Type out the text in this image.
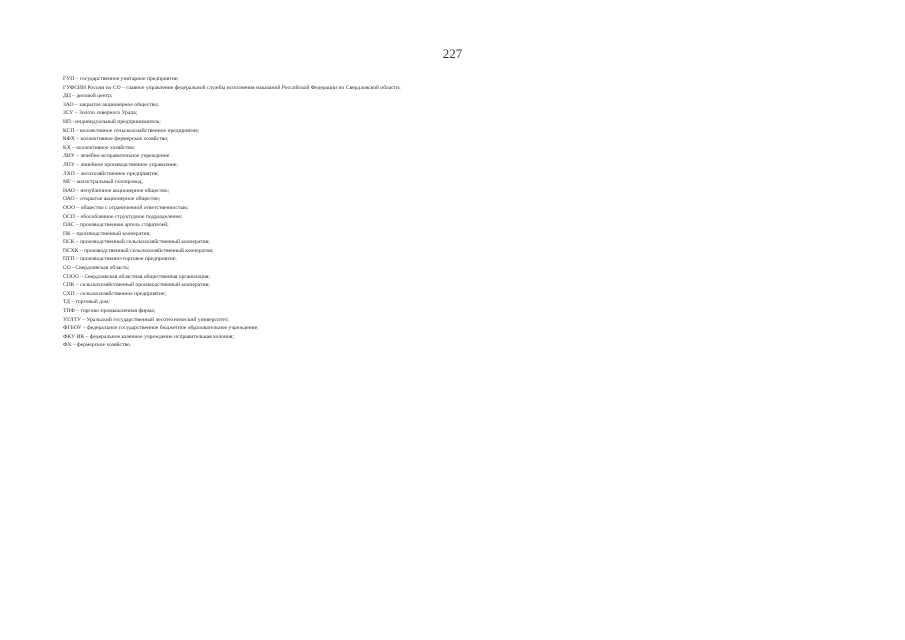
227
ГУП – государственное унитарное предприятие;
ГУФСИН России по СО – главное управление федеральной службы исполнения наказаний Российской Федерации по Свердловской области;
ДЦ – деловой центр;
ЗАО – закрытое акционерное общество;
ЗСУ – Золото северного Урала;
ИП –индивидуальный предприниматель;
КСП – коллективное сельскохозяйственное предприятие;
КФХ – коллективное фермерское хозяйство;
КХ – коллективное хозяйство;
ЛИУ – лечебно-исправительное учреждение
ЛПУ – линейное производственное управление;
ЛХП – лесохозяйственное предприятие;
МГ – магистральный газопровод;
НАО – непубличное акционерное общество;
ОАО – открытое акционерное общество;
ООО – общество с ограниченной ответственностью;
ОСП – обособленное структурное подразделение;
ПАС – производственная артель старателей;
ПК – производственный кооператив;
ПСК – производственный сельскохозяйственный кооператив;
ПСХК – производственный сельскохозяйственный кооператив;
ПТП – производственно-торговое предприятие;
СО - Свердловская область;
СООО – Свердловская областная общественная организация;
СПК – сельскохозяйственный производственный кооператив;
СХП – сельскохозяйственное предприятие;
ТД – торговый дом;
ТПФ – торгово-промышленная фирма;
УГЛТУ – Уральский государственный лесотехнический университет;
ФГБОУ – федеральное государственное бюджетное образовательное учреждение;
ФКУ ИК – федеральное казенное учреждение исправительная колония;
ФХ – фермерское хозяйство.
